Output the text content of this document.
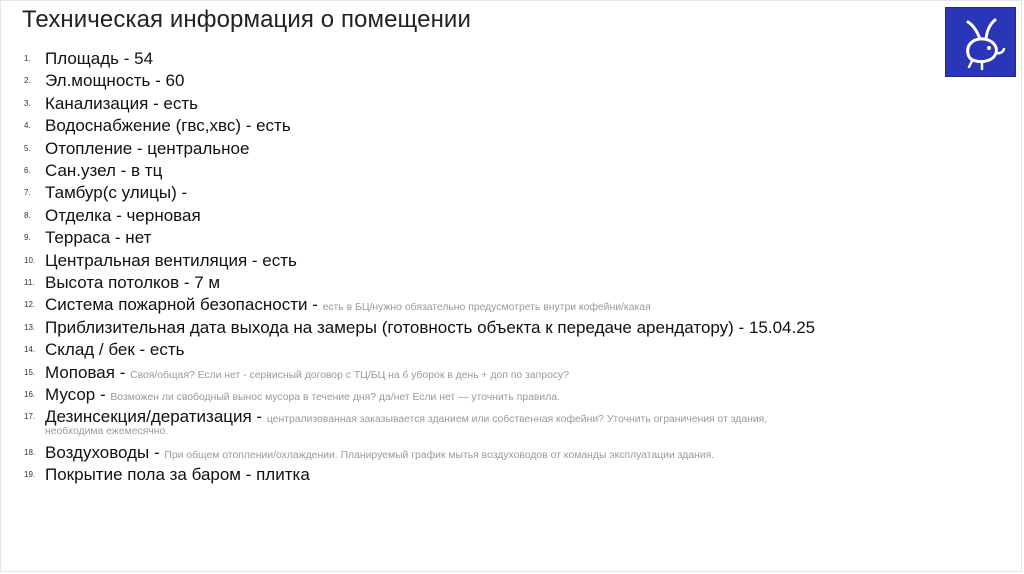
Техническая информация о помещении
1. Площадь - 54
2. Эл.мощность - 60
3. Канализация - есть
4. Водоснабжение (гвс,хвс) - есть
5. Отопление - центральное
6. Сан.узел - в тц
7. Тамбур(с улицы) -
8. Отделка - черновая
9. Терраса - нет
10. Центральная вентиляция - есть
11. Высота потолков - 7 м
12. Система пожарной безопасности - есть в БЦ/нужно обязательно предусмотреть внутри кофейни/какая
13. Приблизительная дата выхода на замеры (готовность объекта к передаче арендатору) - 15.04.25
14. Склад / бек - есть
15. Моповая - Своя/общая? Если нет - сервисный договор с ТЦ/БЦ на 6 уборок в день + доп по запросу?
16. Мусор - Возможен ли свободный вынос мусора в течение дня? да/нет Если нет — уточнить правила.
17. Дезинсекция/дератизация - централизованная заказывается зданием или собственная кофейни? Уточнить ограничения от здания,
необходима ежемесячно.
18. Воздуховоды - При общем отоплении/охлаждении. Планируемый график мытья воздуховодов от команды эксплуатации здания.
19. Покрытие пола за баром - плитка
